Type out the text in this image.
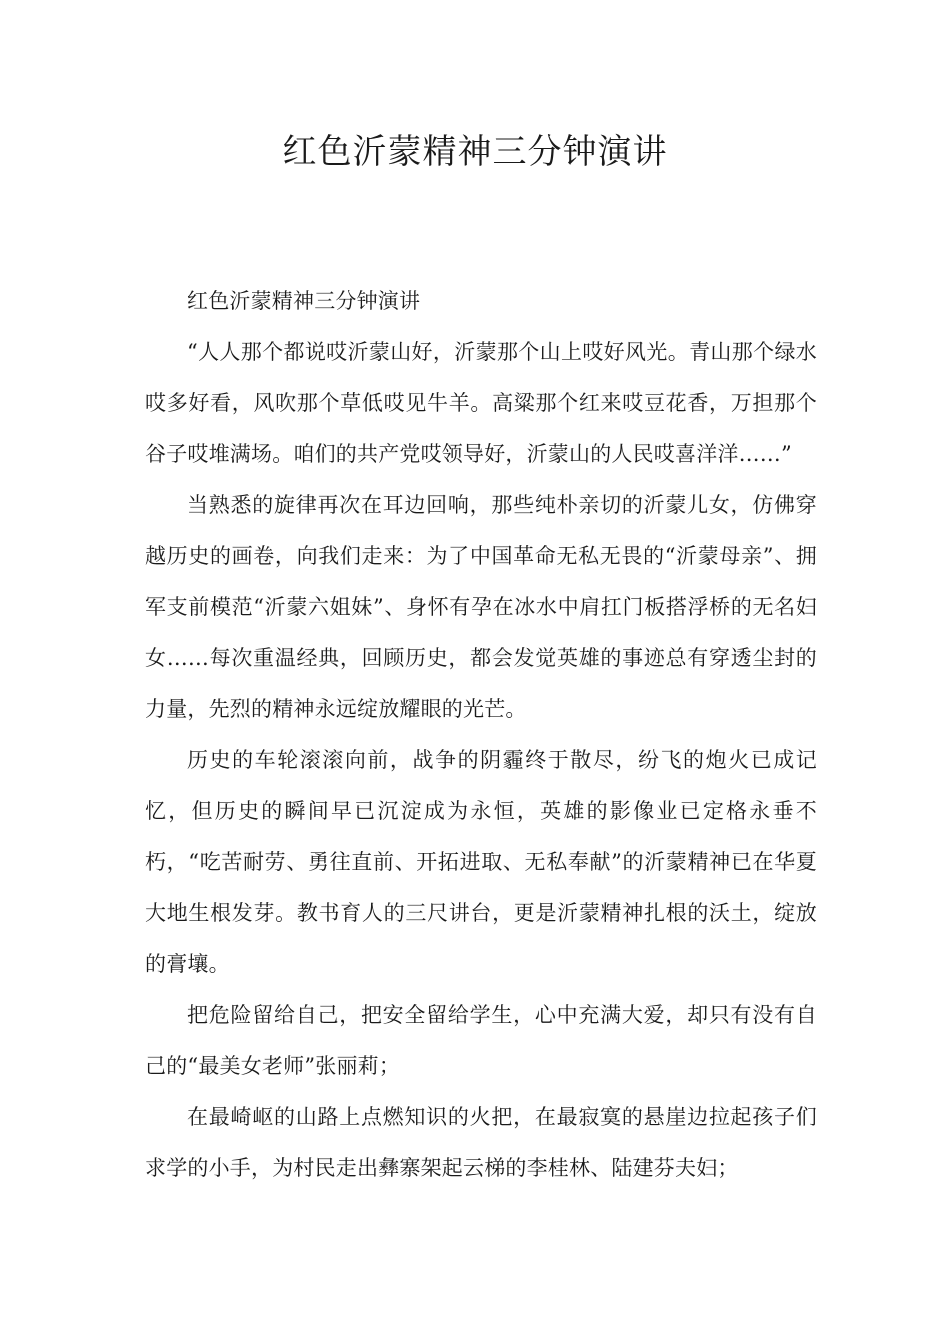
红色沂蒙精神三分钟演讲

红色沂蒙精神三分钟演讲

“人人那个都说哎沂蒙山好，沂蒙那个山上哎好风光。青山那个绿水哎多好看，风吹那个草低哎见牛羊。高粱那个红来哎豆花香，万担那个谷子哎堆满场。咱们的共产党哎领导好，沂蒙山的人民哎喜洋洋……”

当熟悉的旋律再次在耳边回响，那些纯朴亲切的沂蒙儿女，仿佛穿越历史的画卷，向我们走来：为了中国革命无私无畏的“沂蒙母亲”、拥军支前模范“沂蒙六姐妹”、身怀有孕在冰水中肩扛门板搭浮桥的无名妇女……每次重温经典，回顾历史，都会发觉英雄的事迹总有穿透尘封的力量，先烈的精神永远绽放耀眼的光芒。

历史的车轮滚滚向前，战争的阴霾终于散尽，纷飞的炮火已成记忆，但历史的瞬间早已沉淀成为永恒，英雄的影像业已定格永垂不朽，“吃苦耐劳、勇往直前、开拓进取、无私奉献”的沂蒙精神已在华夏大地生根发芽。教书育人的三尺讲台，更是沂蒙精神扎根的沃土，绽放的膏壤。

把危险留给自己，把安全留给学生，心中充满大爱，却只有没有自己的“最美女老师”张丽莉；

在最崎岖的山路上点燃知识的火把，在最寂寞的悬崖边拉起孩子们求学的小手，为村民走出彝寨架起云梯的李桂林、陆建芬夫妇；
